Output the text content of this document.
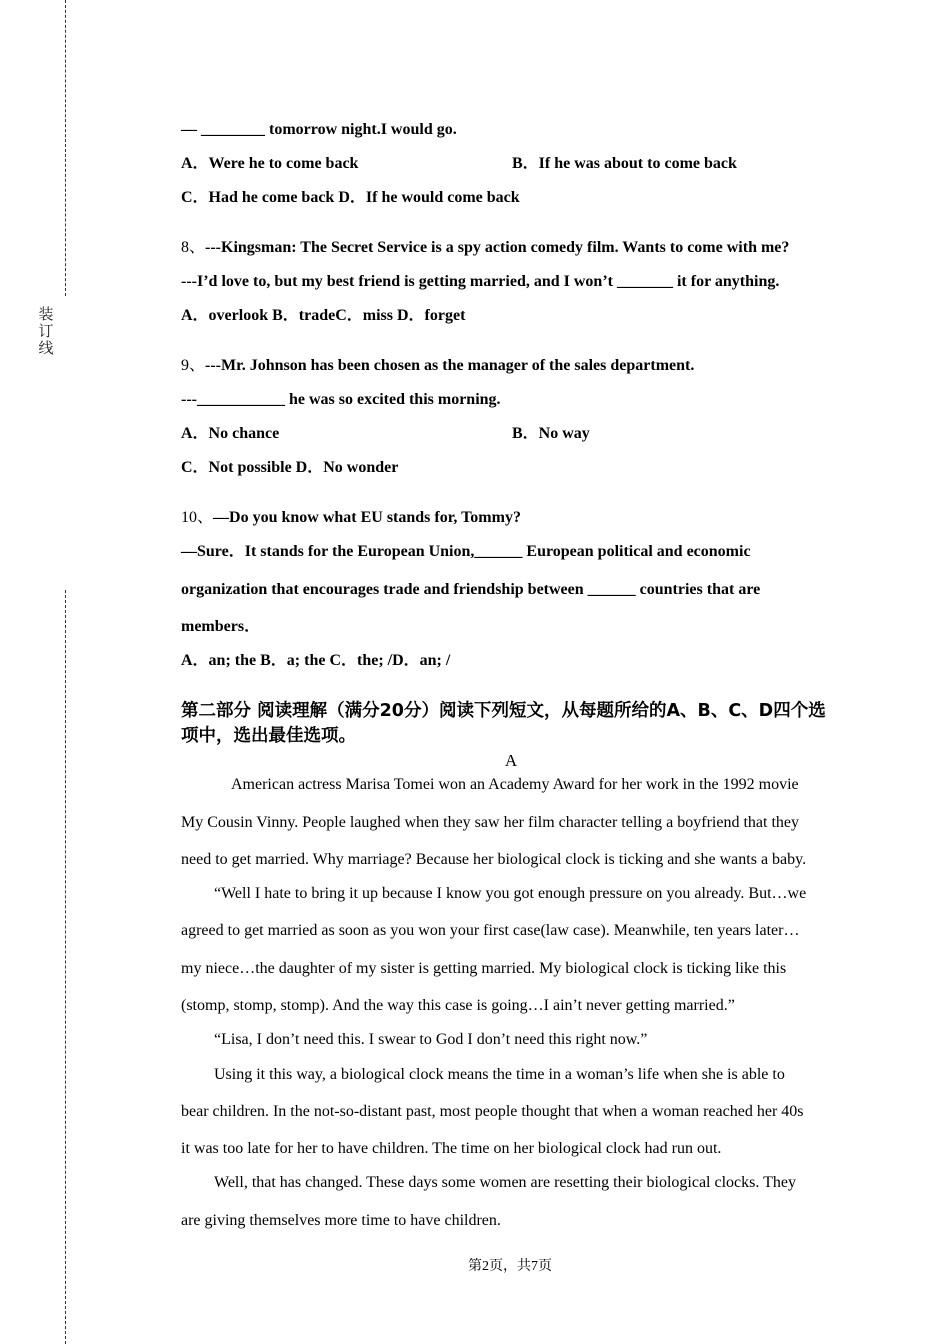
装
订
线
— ________ tomorrow night.I would go.
A．Were he to come back	B．If he was about to come back
C．Had he come back D．If he would come back
8、---Kingsman: The Secret Service is a spy action comedy film. Wants to come with me?
---I’d love to, but my best friend is getting married, and I won’t _______ it for anything.
A．overlook B．tradeC．miss D．forget
9、---Mr. Johnson has been chosen as the manager of the sales department.
---___________ he was so excited this morning.
A．No chance	B．No way
C．Not possible D．No wonder
10、—Do you know what EU stands for, Tommy?
—Sure．It stands for the European Union,______ European political and economic
organization that encourages trade and friendship between ______ countries that are
members．
A．an; the B．a; the C．the; /D．an; /
第二部分 阅读理解（满分20分）阅读下列短文，从每题所给的A、B、C、D四个选项中，选出最佳选项。
A
American actress Marisa Tomei won an Academy Award for her work in the 1992 movie
My Cousin Vinny. People laughed when they saw her film character telling a boyfriend that they
need to get married. Why marriage? Because her biological clock is ticking and she wants a baby.
“Well I hate to bring it up because I know you got enough pressure on you already. But…we
agreed to get married as soon as you won your first case(law case). Meanwhile, ten years later…
my niece…the daughter of my sister is getting married. My biological clock is ticking like this
(stomp, stomp, stomp). And the way this case is going…I ain’t never getting married.”
“Lisa, I don’t need this. I swear to God I don’t need this right now.”
Using it this way, a biological clock means the time in a woman’s life when she is able to
bear children. In the not-so-distant past, most people thought that when a woman reached her 40s
it was too late for her to have children. The time on her biological clock had run out.
Well, that has changed. These days some women are resetting their biological clocks. They
are giving themselves more time to have children.
第2页，共7页
